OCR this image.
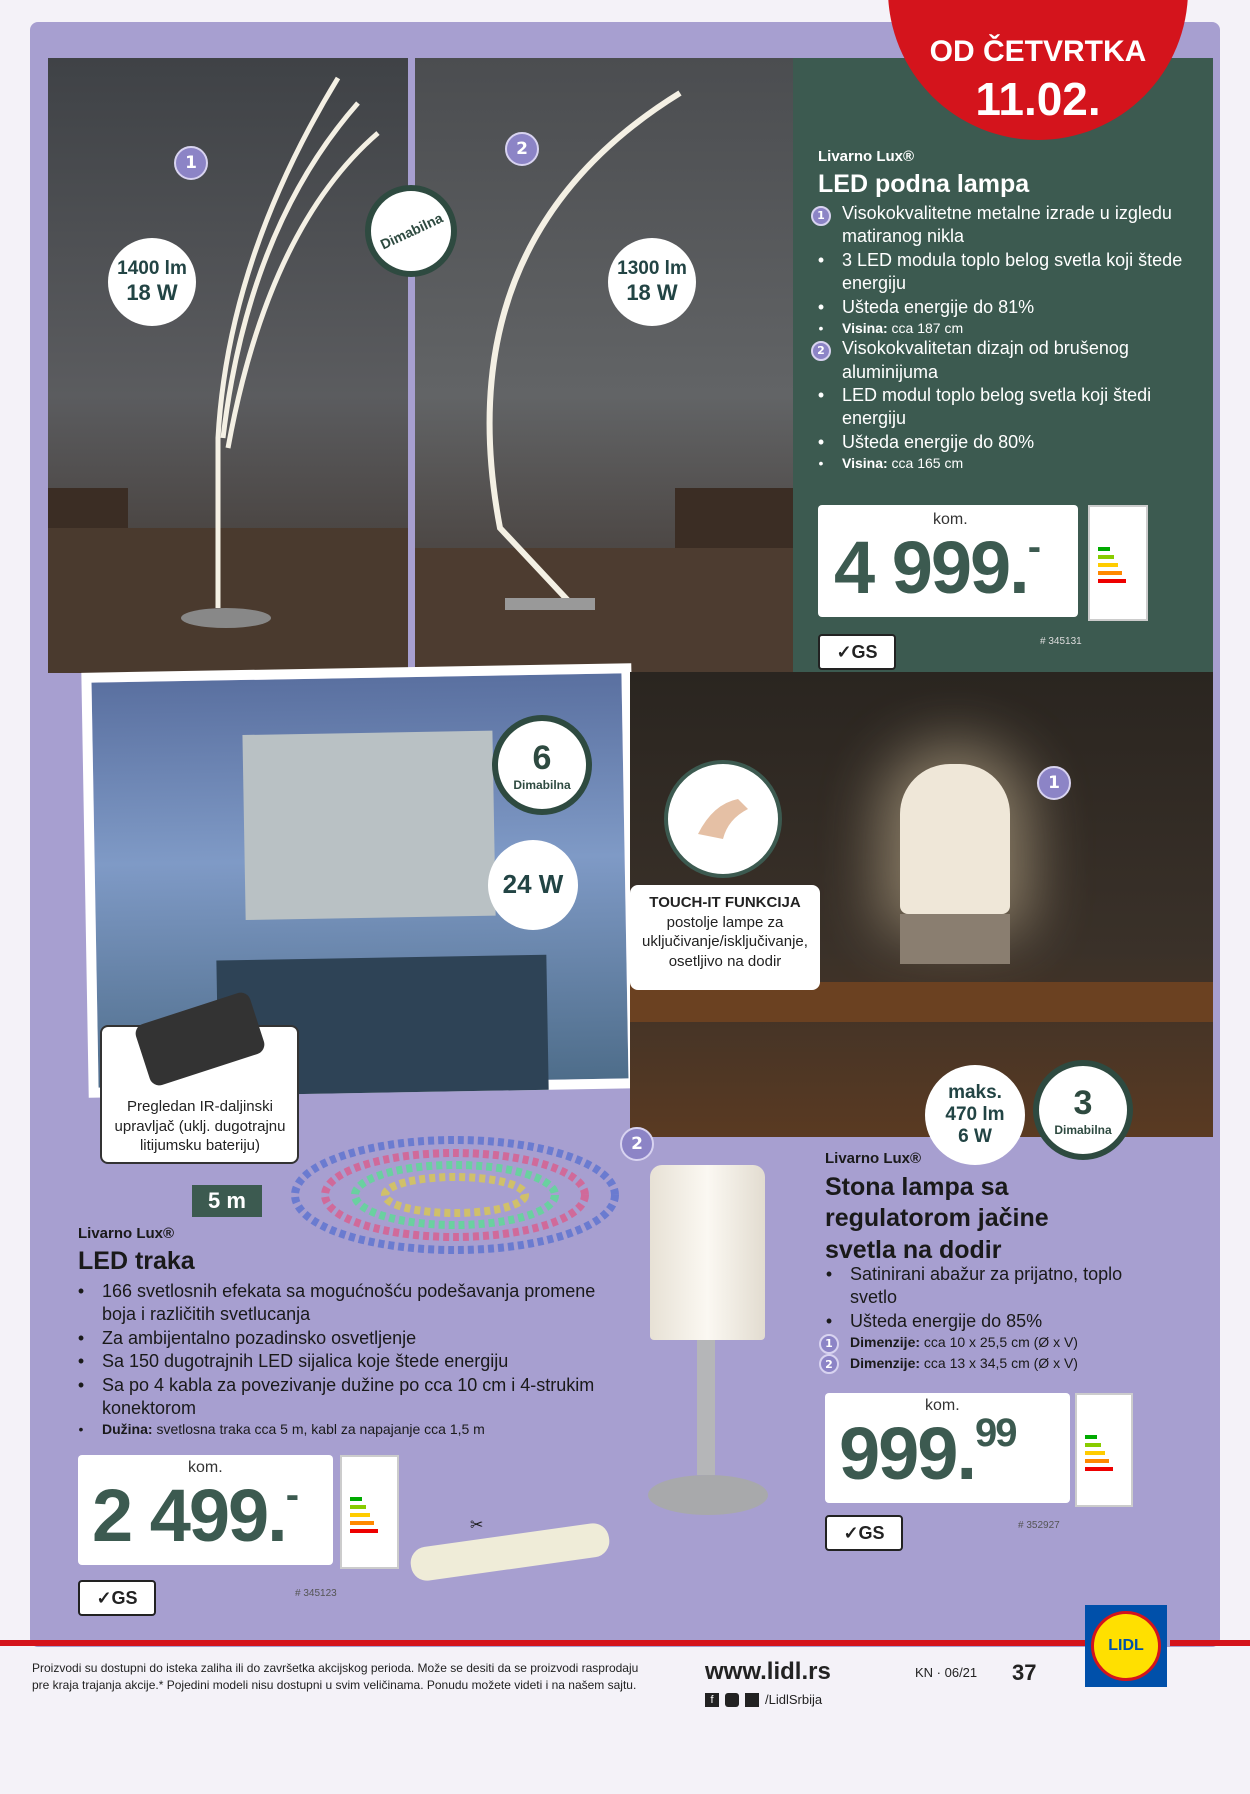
OD ČETVRTKA
11.02.
1
2
1400 lm
18 W
1300 lm
18 W
Dimabilna
Livarno Lux®
LED podna lampa
1 Visokokvalitetne metalne izrade u izgledu matiranog nikla
• 3 LED modula toplo belog svetla koji štede energiju
• Ušteda energije do 81%
•	Visina: cca 187 cm
2 Visokokvalitetan dizajn od brušenog aluminijuma
• LED modul toplo belog svetla koji štedi energiju
• Ušteda energije do 80%
•	Visina: cca 165 cm
kom.
4 999.-
✓GS	# 345131
6
Dimabilna
24 W
Pregledan IR-daljinski upravljač (uklj. dugotrajnu litijumsku bateriju)
5 m
Livarno Lux®
LED traka
• 166 svetlosnih efekata sa mogućnošću podešavanja promene boja i različitih svetlucanja
• Za ambijentalno pozadinsko osvetljenje
• Sa 150 dugotrajnih LED sijalica koje štede energiju
• Sa po 4 kabla za povezivanje dužine po cca 10 cm i 4-strukim konektorom
•	Dužina: svetlosna traka cca 5 m, kabl za napajanje cca 1,5 m
kom.
2 499.-
✂
✓GS	# 345123
1
TOUCH-IT FUNKCIJA
postolje lampe za uključivanje/isključivanje, osetljivo na dodir
maks.
470 lm
6 W
3
Dimabilna
2
Livarno Lux®
Stona lampa sa regulatorom jačine svetla na dodir
• Satinirani abažur za prijatno, toplo svetlo
• Ušteda energije do 85%
1	Dimenzije: cca 10 x 25,5 cm (Ø x V)
2	Dimenzije: cca 13 x 34,5 cm (Ø x V)
kom.
999.99
✓GS	# 352927
Proizvodi su dostupni do isteka zaliha ili do završetka akcijskog perioda. Može se desiti da se proizvodi rasprodaju
pre kraja trajanja akcije.* Pojedini modeli nisu dostupni u svim veličinama. Ponudu možete videti i na našem sajtu.	www.lidl.rs
f	/LidlSrbija
KN · 06/21 37
LIDL
